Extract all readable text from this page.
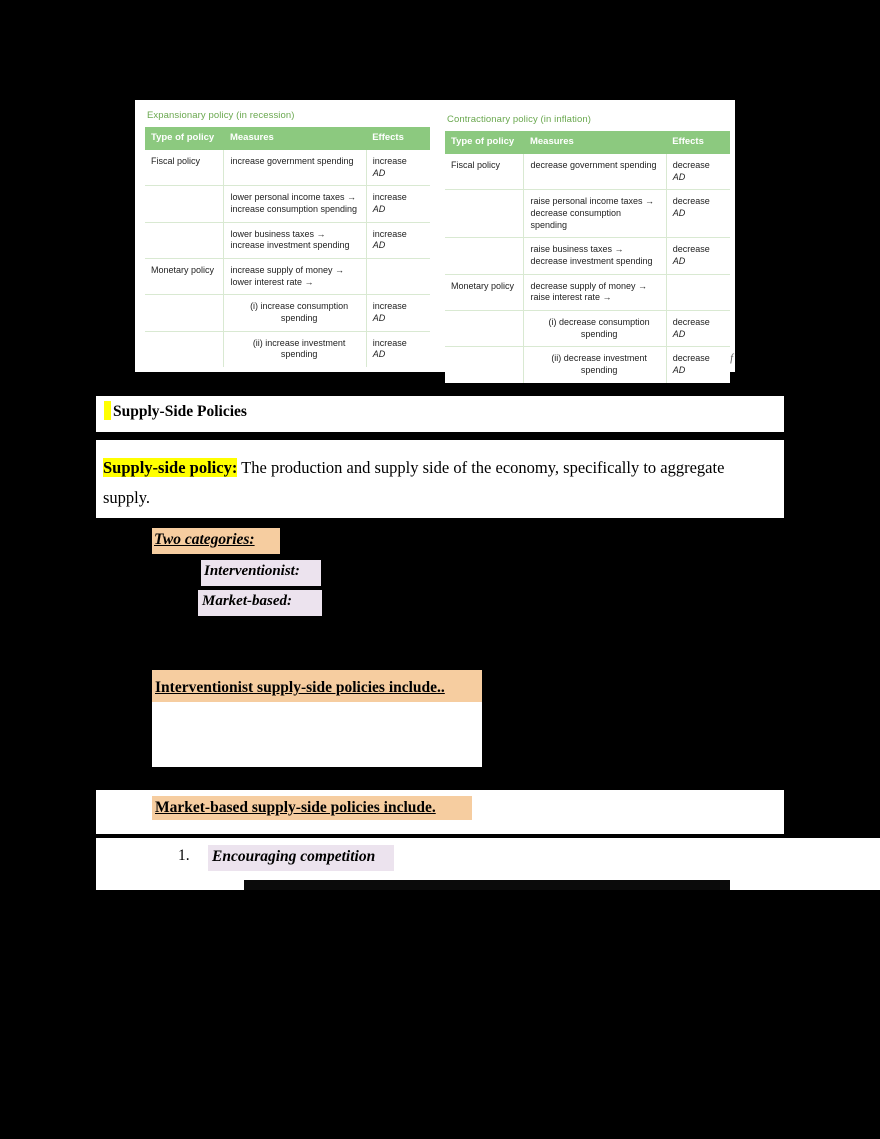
Expansionary policy (in recession)
Type of policy	Measures	Effects
Fiscal policy	increase government spending	increase
AD
	lower personal income taxes → increase consumption spending	increase
AD
	lower business taxes → increase investment spending	increase
AD
Monetary policy	increase supply of money → lower interest rate →	
	(i) increase consumption spending	increase
AD
	(ii) increase investment spending	increase
AD
Contractionary policy (in inflation)
Type of policy	Measures	Effects
Fiscal policy	decrease government spending	decrease
AD
	raise personal income taxes → decrease consumption spending	decrease
AD
	raise business taxes → decrease investment spending	decrease
AD
Monetary policy	decrease supply of money → raise interest rate →	
	(i) decrease consumption spending	decrease
AD
	(ii) decrease investment spending	decrease
AD
f
Supply-Side Policies
Supply-side policy: The production and supply side of the economy, specifically to aggregate supply.
Two categories:
Interventionist:
Market-based:
Interventionist supply-side policies include..
Market-based supply-side policies include.
1. Encouraging competition
